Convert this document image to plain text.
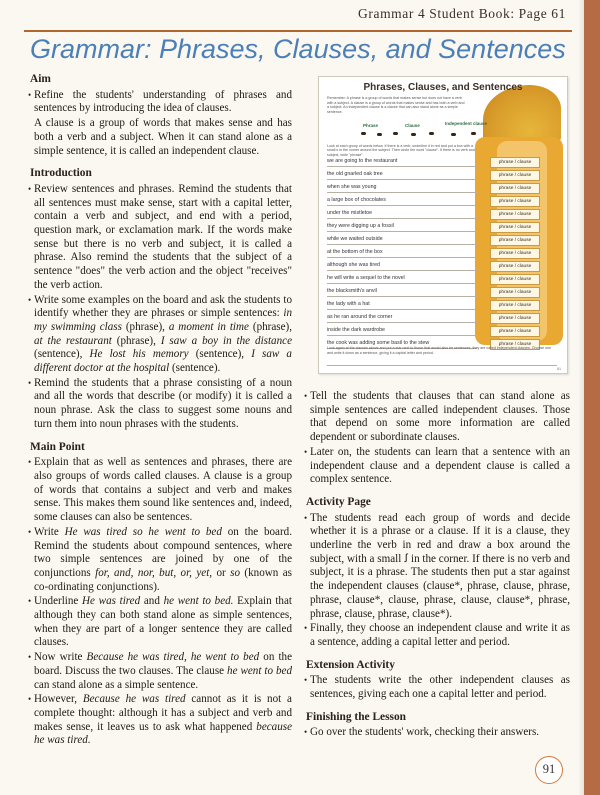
Grammar 4 Student Book: Page 61
Grammar: Phrases, Clauses, and Sentences
Aim

• Refine the students' understanding of phrases and sentences by introducing the idea of clauses.

A clause is a group of words that makes sense and has both a verb and a subject. When it can stand alone as a simple sentence, it is called an independent clause.

Introduction

• Review sentences and phrases. Remind the students that all sentences must make sense, start with a capital letter, contain a verb and subject, and end with a period, question mark, or exclamation mark. If the words make sense but there is no verb and subject, it is called a phrase. Also remind the students that the subject of a sentence "does" the verb action and the object "receives" the verb action.

• Write some examples on the board and ask the students to identify whether they are phrases or simple sentences: in my swimming class (phrase), a moment in time (phrase), at the restaurant (phrase), I saw a boy in the distance (sentence), He lost his memory (sentence), I saw a different doctor at the hospital (sentence).

• Remind the students that a phrase consisting of a noun and all the words that describe (or modify) it is called a noun phrase. Ask the class to suggest some nouns and turn them into noun phrases with the students.

Main Point

• Explain that as well as sentences and phrases, there are also groups of words called clauses. A clause is a group of words that contains a subject and verb and makes sense. This makes them sound like sentences and, indeed, some clauses can also be sentences.

• Write He was tired so he went to bed on the board. Remind the students about compound sentences, where two simple sentences are joined by one of the conjunctions for, and, nor, but, or, yet, or so (known as co-ordinating conjunctions).

• Underline He was tired and he went to bed. Explain that although they can both stand alone as simple sentences, when they are part of a longer sentence they are called clauses.

• Now write Because he was tired, he went to bed on the board. Discuss the two clauses. The clause he went to bed can stand alone as a simple sentence.

• However, Because he was tired cannot as it is not a complete thought: although it has a subject and verb and makes sense, it leaves us to ask what happened because he was tired.

Phrases, Clauses, and Sentences
Remember: A phrase is a group of words that makes sense but does not have a verb with a subject. A clause is a group of words that makes sense and has both a verb and a subject. An independent clause is a clause that can also stand alone as a simple sentence.
Phrase	Clause	Independent clause
Look at each group of words below. If there is a verb, underline it in red and put a box with a small s in the corner around the subject. Then circle the word "clause". If there is no verb and subject, write "phrase".
we are going to the restaurant	phrase / clause
the old gnarled oak tree	phrase / clause
when she was young	phrase / clause
a large box of chocolates	phrase / clause
under the mistletoe	phrase / clause
they were digging up a fossil	phrase / clause
while we waited outside	phrase / clause
at the bottom of the box	phrase / clause
although she was tired	phrase / clause
he will write a sequel to the novel	phrase / clause
the blacksmith's anvil	phrase / clause
the lady with a hat	phrase / clause
as he ran around the corner	phrase / clause
inside the dark wardrobe	phrase / clause
the cook was adding some basil to the stew	phrase / clause
Look again at the clauses above and put a star next to those that would also be sentences, they are called independent clauses. Choose one and write it down as a sentence, giving it a capital letter and period.
61

• Tell the students that clauses that can stand alone as simple sentences are called independent clauses. Those that depend on some more information are called dependent or subordinate clauses.

• Later on, the students can learn that a sentence with an independent clause and a dependent clause is called a complex sentence.

Activity Page

• The students read each group of words and decide whether it is a phrase or a clause. If it is a clause, they underline the verb in red and draw a box around the subject, with a small ꭍ in the corner. If there is no verb and subject, it is a phrase. The students then put a star against the independent clauses (clause*, phrase, clause, phrase, phrase, clause*, clause, phrase, clause, clause*, phrase, phrase, clause, phrase, clause*).

• Finally, they choose an independent clause and write it as a sentence, adding a capital letter and period.

Extension Activity

• The students write the other independent clauses as sentences, giving each one a capital letter and period.

Finishing the Lesson

• Go over the students' work, checking their answers.

91
